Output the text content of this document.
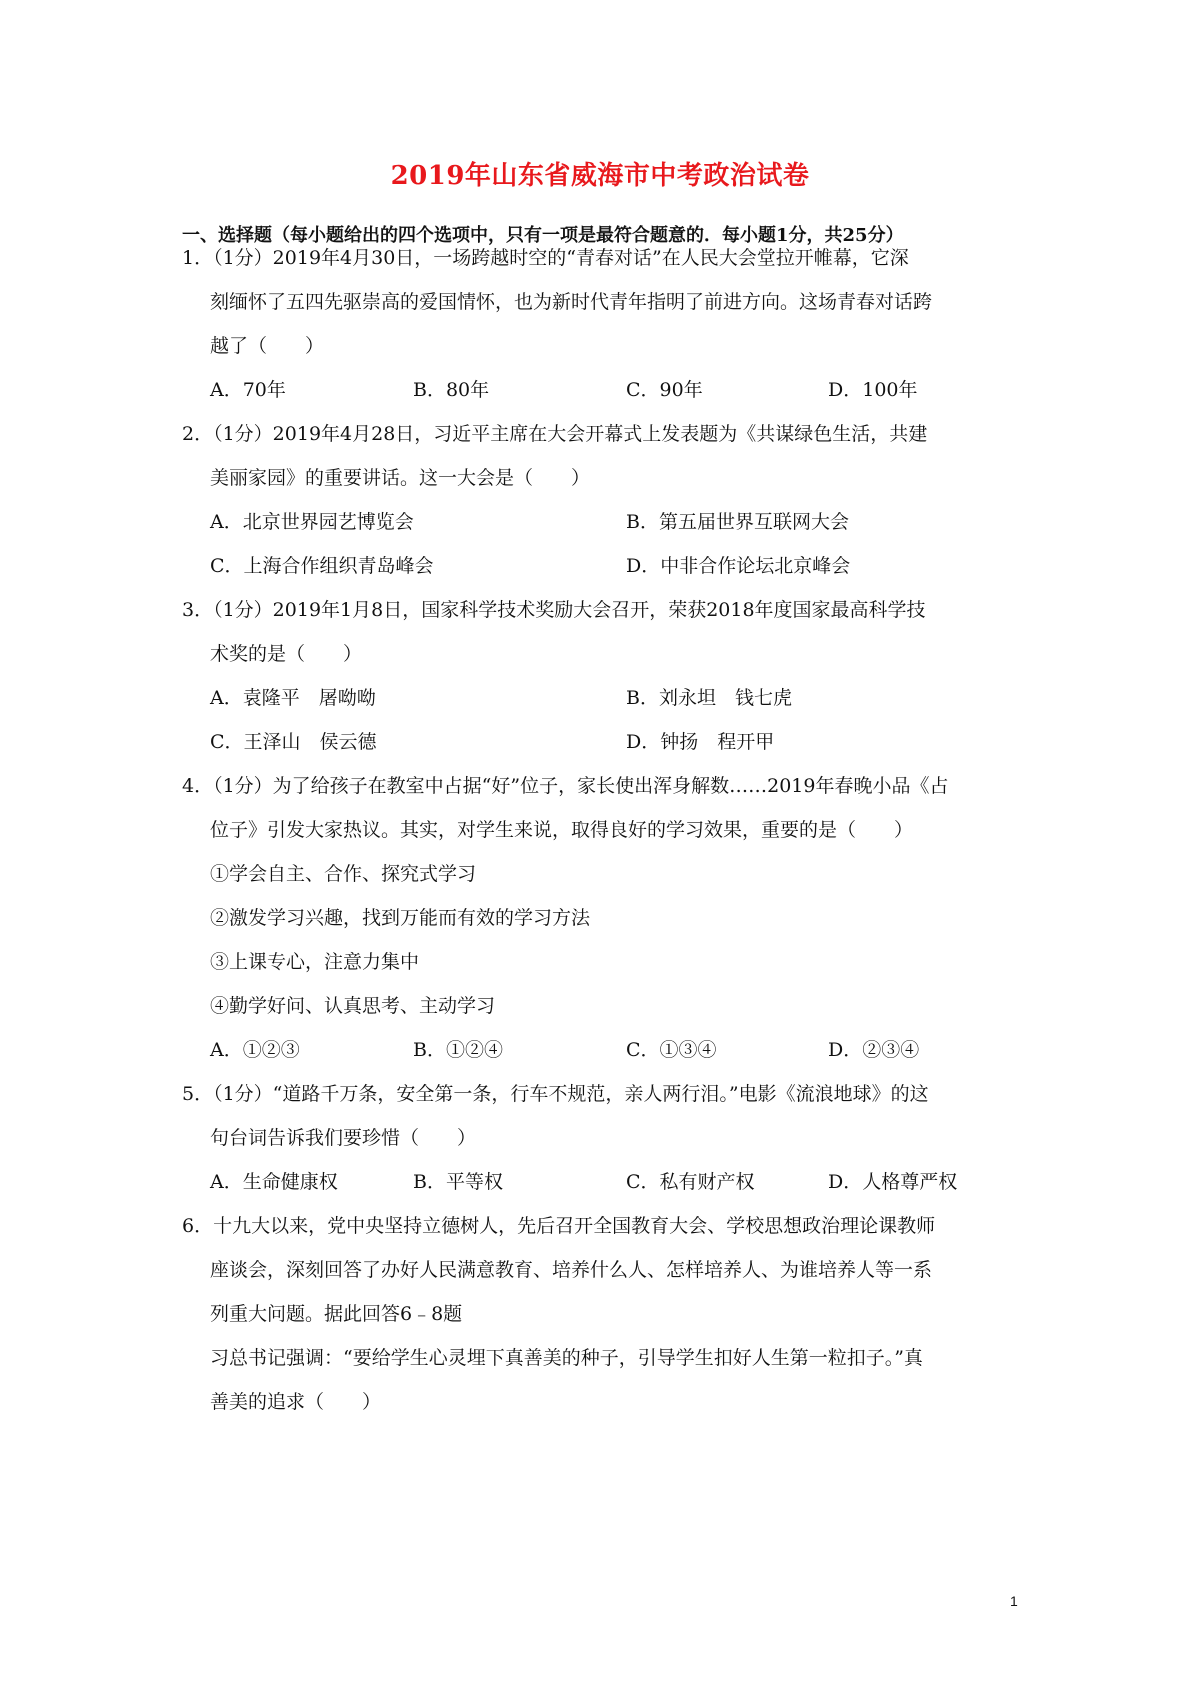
2019年山东省威海市中考政治试卷
一、选择题（每小题给出的四个选项中，只有一项是最符合题意的．每小题1分，共25分）
1．（1分）2019年4月30日，一场跨越时空的“青春对话”在人民大会堂拉开帷幕，它深
刻缅怀了五四先驱崇高的爱国情怀，也为新时代青年指明了前进方向。这场青春对话跨
越了（　　）
A．70年	B．80年	C．90年	D．100年
2．（1分）2019年4月28日，习近平主席在大会开幕式上发表题为《共谋绿色生活，共建
美丽家园》的重要讲话。这一大会是（　　）
A．北京世界园艺博览会	B．第五届世界互联网大会
C．上海合作组织青岛峰会	D．中非合作论坛北京峰会
3．（1分）2019年1月8日，国家科学技术奖励大会召开，荣获2018年度国家最高科学技
术奖的是（　　）
A．袁隆平　屠呦呦	B．刘永坦　钱七虎
C．王泽山　侯云德	D．钟扬　程开甲
4．（1分）为了给孩子在教室中占据“好”位子，家长使出浑身解数……2019年春晚小品《占
位子》引发大家热议。其实，对学生来说，取得良好的学习效果，重要的是（　　）
①学会自主、合作、探究式学习
②激发学习兴趣，找到万能而有效的学习方法
③上课专心，注意力集中
④勤学好问、认真思考、主动学习
A．①②③	B．①②④	C．①③④	D．②③④
5．（1分）“道路千万条，安全第一条，行车不规范，亲人两行泪。”电影《流浪地球》的这
句台词告诉我们要珍惜（　　）
A．生命健康权	B．平等权	C．私有财产权	D．人格尊严权
6．十九大以来，党中央坚持立德树人，先后召开全国教育大会、学校思想政治理论课教师
座谈会，深刻回答了办好人民满意教育、培养什么人、怎样培养人、为谁培养人等一系
列重大问题。据此回答6﹣8题
习总书记强调：“要给学生心灵埋下真善美的种子，引导学生扣好人生第一粒扣子。”真
善美的追求（　　）
1
